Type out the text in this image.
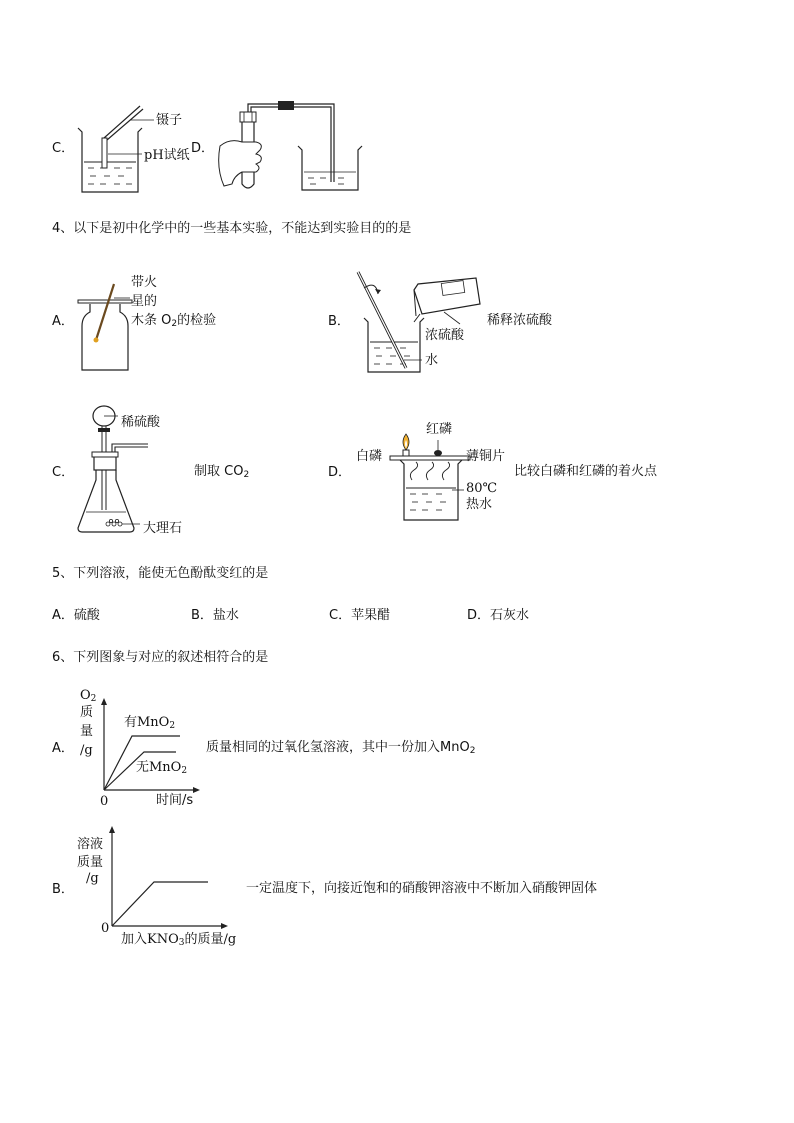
C．
镊子
pH试纸 D．
4、以下是初中化学中的一些基本实验，不能达到实验目的的是
A．
带火
星的
木条 $O_2$的检验	B．
浓硫酸
水
稀释浓硫酸
C．
稀硫酸
大理石
制取 $CO_2$	D．
红磷
白磷	薄铜片
80℃
热水
比较白磷和红磷的着火点
5、下列溶液，能使无色酚酞变红的是
A．硫酸	B．盐水	C．苹果醋	D．石灰水
6、下列图象与对应的叙述相符合的是
A．
$O_2$
质
量
/g
有MnO$_2$
无MnO$_2$
0	时间/s
质量相同的过氧化氢溶液，其中一份加入MnO$_2$
B．
溶液
质量
/g
0
加入$KNO_3$的质量/g
一定温度下，向接近饱和的硝酸钾溶液中不断加入硝酸钾固体
